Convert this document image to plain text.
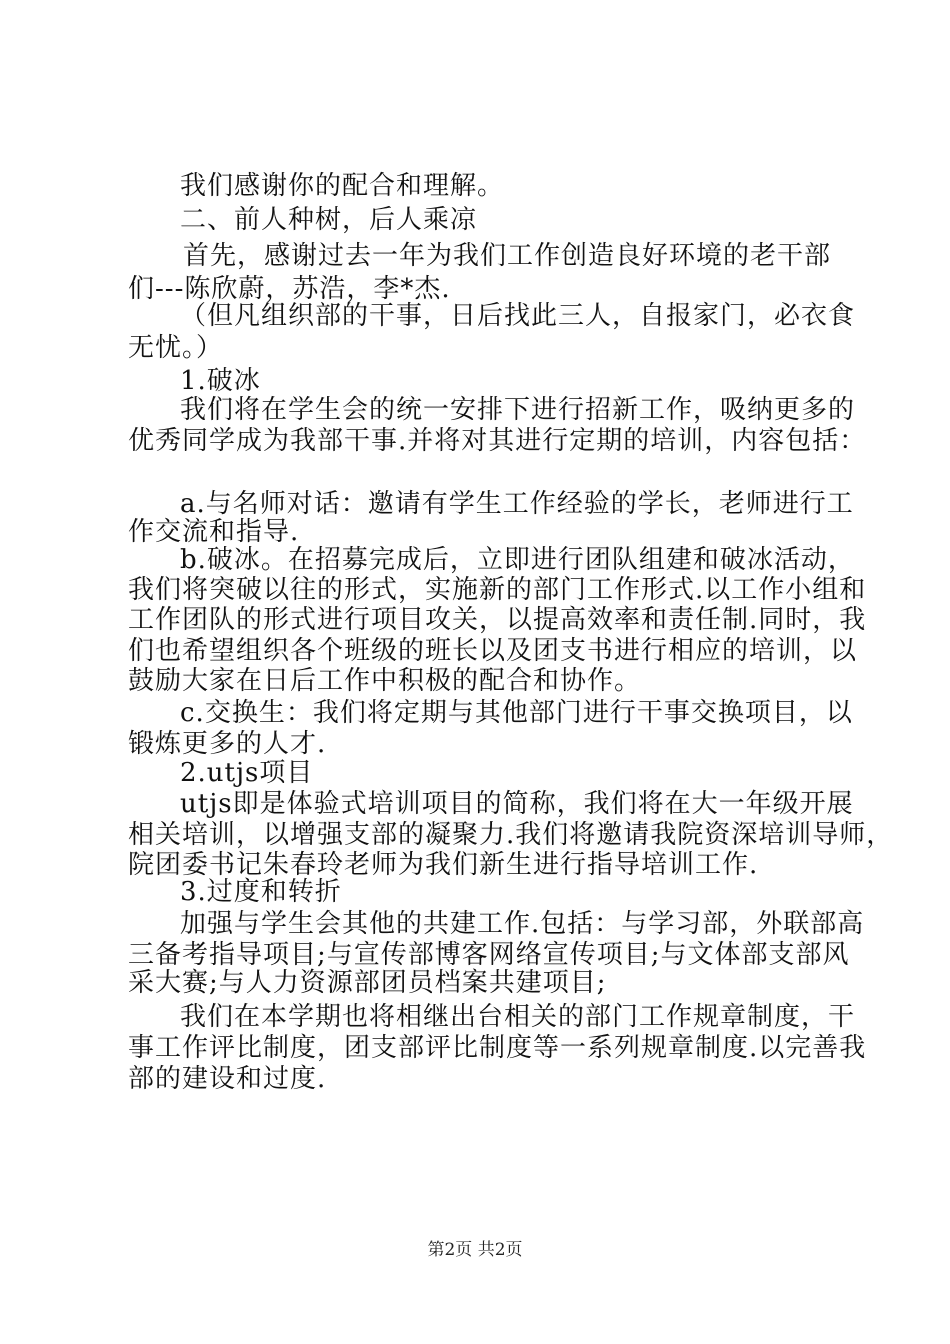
我们感谢你的配合和理解。
二、前人种树，后人乘凉
首先，感谢过去一年为我们工作创造良好环境的老干部
们---陈欣蔚，苏浩，李*杰.
（但凡组织部的干事，日后找此三人，自报家门，必衣食
无忧。）
1.破冰
我们将在学生会的统一安排下进行招新工作，吸纳更多的
优秀同学成为我部干事.并将对其进行定期的培训，内容包括：
a.与名师对话：邀请有学生工作经验的学长，老师进行工
作交流和指导.
b.破冰。在招募完成后，立即进行团队组建和破冰活动，
我们将突破以往的形式，实施新的部门工作形式.以工作小组和
工作团队的形式进行项目攻关，以提高效率和责任制.同时，我
们也希望组织各个班级的班长以及团支书进行相应的培训，以
鼓励大家在日后工作中积极的配合和协作。
c.交换生：我们将定期与其他部门进行干事交换项目，以
锻炼更多的人才.
2.utjs项目
utjs即是体验式培训项目的简称，我们将在大一年级开展
相关培训，以增强支部的凝聚力.我们将邀请我院资深培训导师，
院团委书记朱春玲老师为我们新生进行指导培训工作.
3.过度和转折
加强与学生会其他的共建工作.包括：与学习部，外联部高
三备考指导项目;与宣传部博客网络宣传项目;与文体部支部风
采大赛;与人力资源部团员档案共建项目;
我们在本学期也将相继出台相关的部门工作规章制度，干
事工作评比制度，团支部评比制度等一系列规章制度.以完善我
部的建设和过度.
第2页 共2页
